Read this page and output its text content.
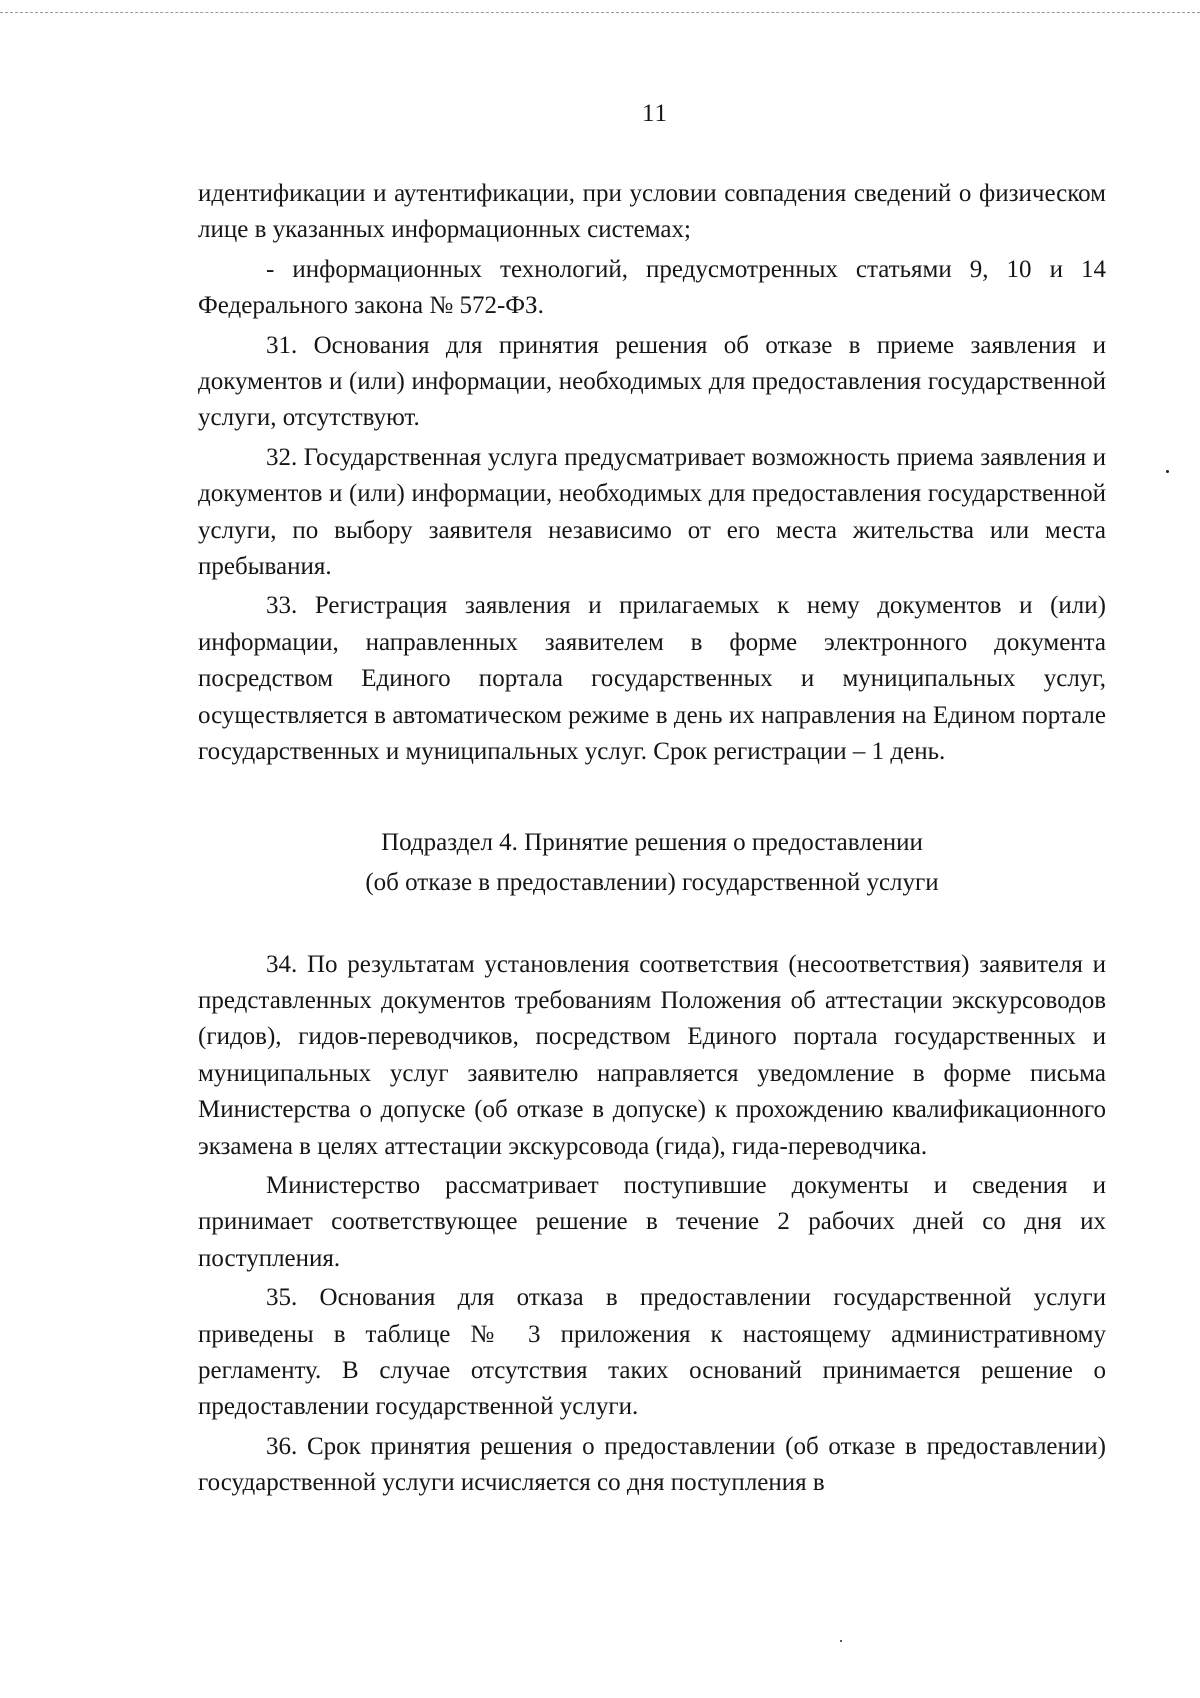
11

идентификации и аутентификации, при условии совпадения сведений о физическом лице в указанных информационных системах;

- информационных технологий, предусмотренных статьями 9, 10 и 14 Федерального закона № 572-ФЗ.

31. Основания для принятия решения об отказе в приеме заявления и документов и (или) информации, необходимых для предоставления государственной услуги, отсутствуют.

32. Государственная услуга предусматривает возможность приема заявления и документов и (или) информации, необходимых для предоставления государственной услуги, по выбору заявителя независимо от его места жительства или места пребывания.

33. Регистрация заявления и прилагаемых к нему документов и (или) информации, направленных заявителем в форме электронного документа посредством Единого портала государственных и муниципальных услуг, осуществляется в автоматическом режиме в день их направления на Едином портале государственных и муниципальных услуг. Срок регистрации – 1 день.

Подраздел 4. Принятие решения о предоставлении
(об отказе в предоставлении) государственной услуги

34. По результатам установления соответствия (несоответствия) заявителя и представленных документов требованиям Положения об аттестации экскурсоводов (гидов), гидов-переводчиков, посредством Единого портала государственных и муниципальных услуг заявителю направляется уведомление в форме письма Министерства о допуске (об отказе в допуске) к прохождению квалификационного экзамена в целях аттестации экскурсовода (гида), гида-переводчика.

Министерство рассматривает поступившие документы и сведения и принимает соответствующее решение в течение 2 рабочих дней со дня их поступления.

35. Основания для отказа в предоставлении государственной услуги приведены в таблице № 3 приложения к настоящему административному регламенту. В случае отсутствия таких оснований принимается решение о предоставлении государственной услуги.

36. Срок принятия решения о предоставлении (об отказе в предоставлении) государственной услуги исчисляется со дня поступления в
